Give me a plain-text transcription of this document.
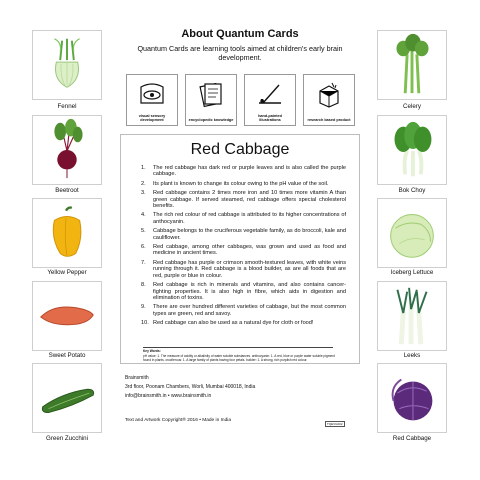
About Quantum Cards

Quantum Cards are learning tools aimed at children's early brain development.

Fennel
Beetroot
Yellow Pepper
Sweet Potato
Green Zucchini
Celery
Bok Choy
Iceberg Lettuce
Leeks
Red Cabbage
visual sensory development	encyclopedic knowledge
hand-painted illustrations	research based product
Red Cabbage
1. The red cabbage has dark red or purple leaves and is also called the purple cabbage.
2. Its plant is known to change its colour owing to the pH value of the soil.
3. Red cabbage contains 2 times more iron and 10 times more vitamin A than green cabbage. If served steamed, red cabbage offers special cholesterol benefits.
4. The rich red colour of red cabbage is attributed to its higher concentrations of anthocyanin.
5. Cabbage belongs to the cruciferous vegetable family, as do broccoli, kale and cauliflower.
6. Red cabbage, among other cabbages, was grown and used as food and medicine in ancient times.
7. Red cabbage has purple or crimson smooth-textured leaves, with white veins running through it. Red cabbage is a blood builder, as are all foods that are red, purple or blue in colour.
8. Red cabbage is rich in minerals and vitamins, and also contains cancer-fighting properties. It is also high in fibre, which aids in digestion and elimination of toxins.
9. There are over hundred different varieties of cabbage, but the most common types are green, red and savoy.
10. Red cabbage can also be used as a natural dye for cloth or food!
Key Words:
pH value: 1. The measure of acidity or alkalinity of water soluble substances. anthocyanin: 1. A red, blue or purple water soluble pigment found in plants. cruciferous: 1. A large family of plants having four petals. builder: 1. A strong, rich purplish red colour.
Brainsmith
3rd floor, Poonam Chambers, Worli, Mumbai 400018, India
info@brainsmith.in • www.brainsmith.in
Text and Artwork Copyright® 2016 • Made in India
TQEVG002
